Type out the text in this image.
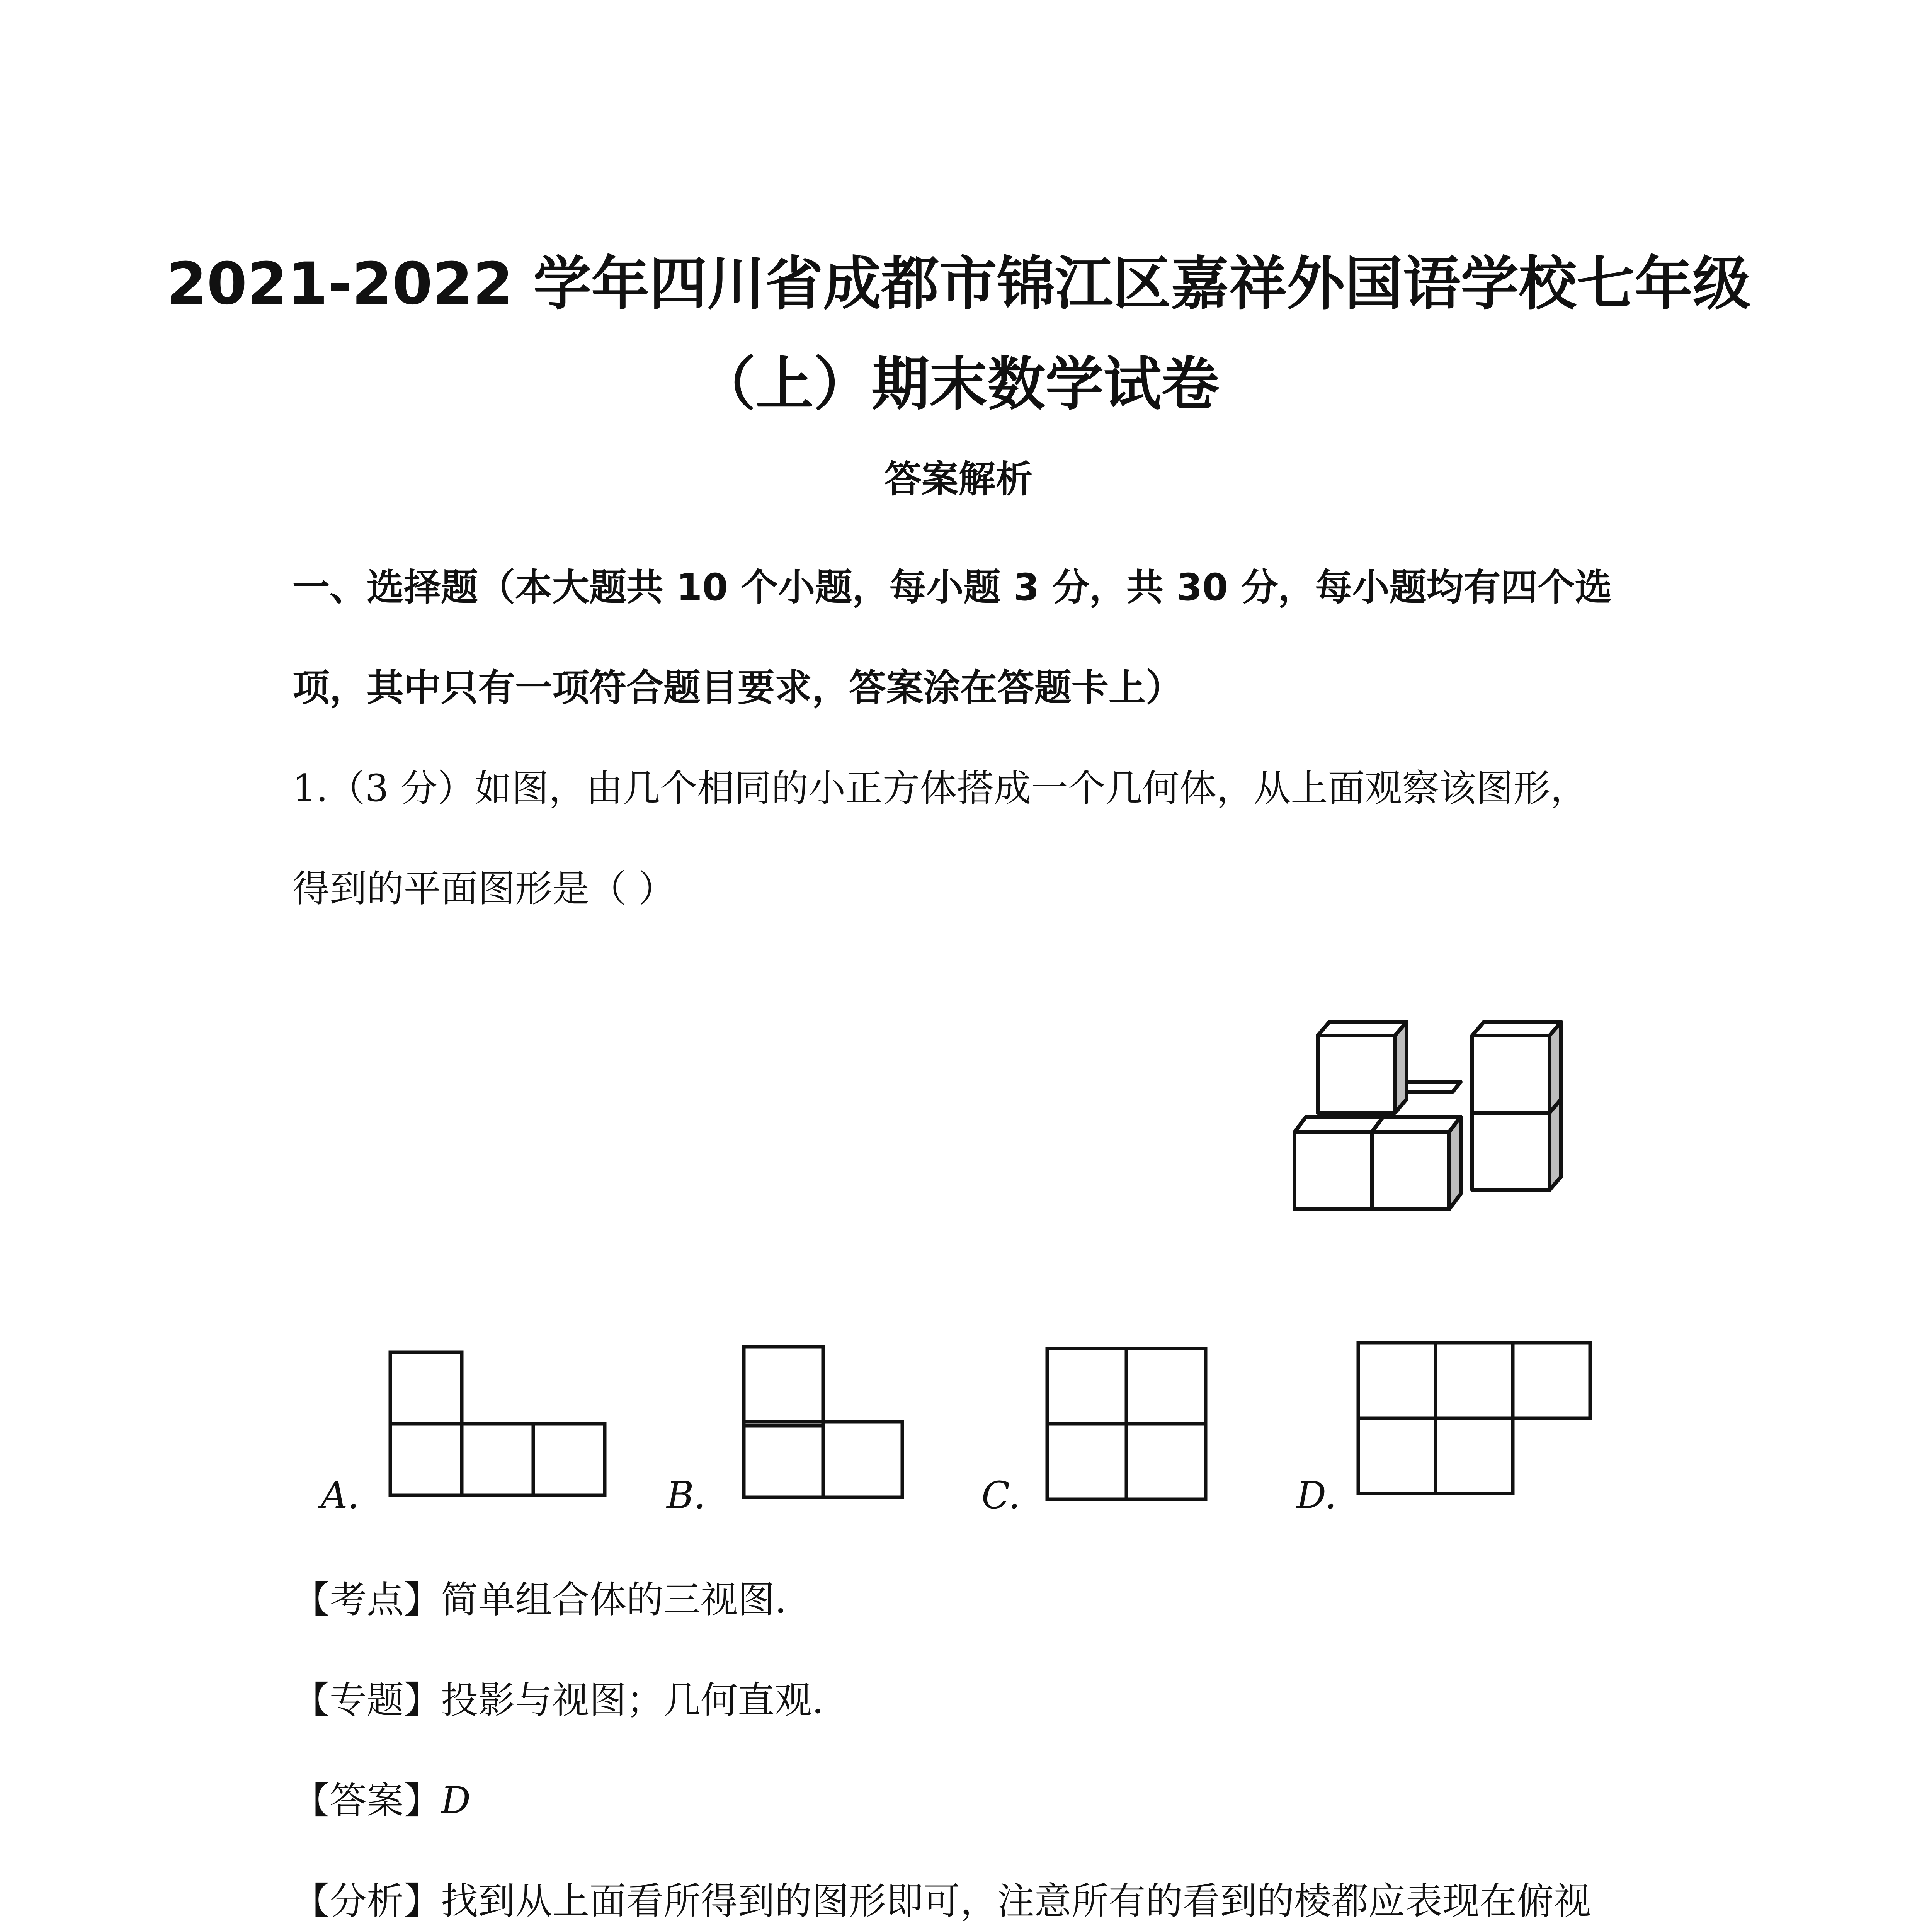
2021-2022 学年四川省成都市锦江区嘉祥外国语学校七年级
（上）期末数学试卷
答案解析
一、选择题（本大题共 10 个小题，每小题 3 分，共 30 分，每小题均有四个选
项，其中只有一项符合题目要求，答案涂在答题卡上）
1.（3 分）如图，由几个相同的小正方体搭成一个几何体，从上面观察该图形，
得到的平面图形是（ ）
A.	B.	C.	D.
【考点】简单组合体的三视图.
【专题】投影与视图；几何直观.
【答案】D
【分析】找到从上面看所得到的图形即可，注意所有的看到的棱都应表现在俯视
